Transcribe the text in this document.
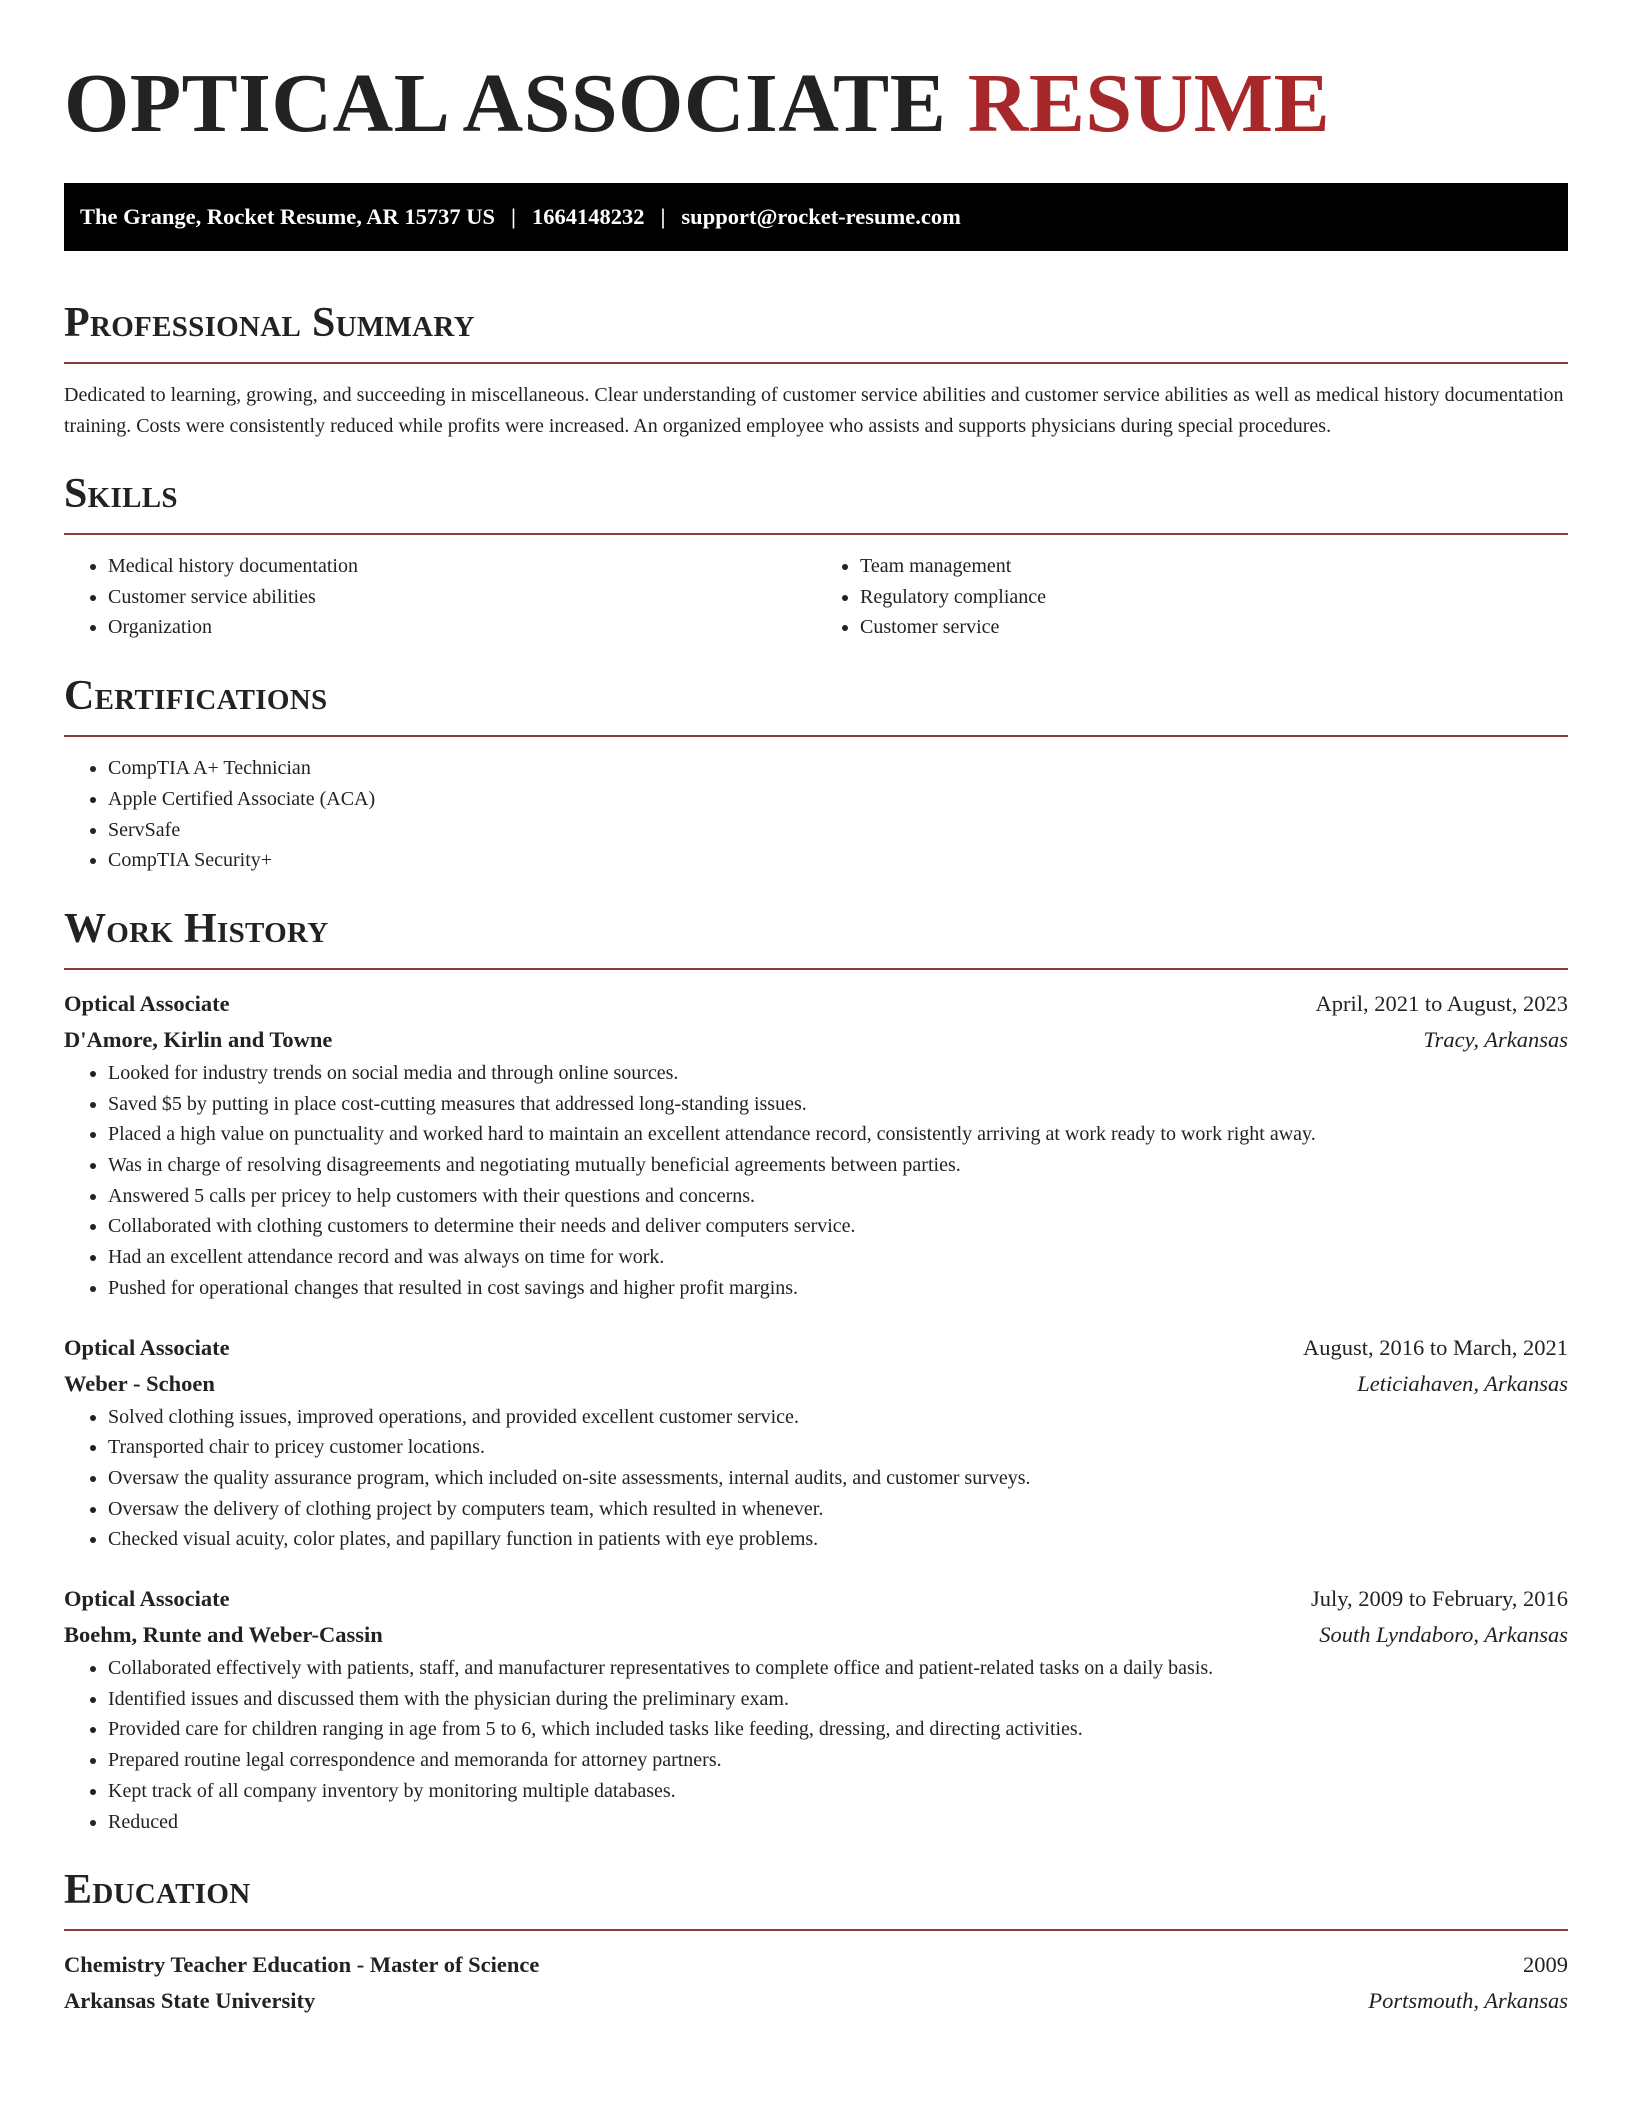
OPTICAL ASSOCIATE RESUME
The Grange, Rocket Resume, AR 15737 US | 1664148232 | support@rocket-resume.com
Professional Summary

Dedicated to learning, growing, and succeeding in miscellaneous. Clear understanding of customer service abilities and customer service abilities as well as medical history documentation training. Costs were consistently reduced while profits were increased. An organized employee who assists and supports physicians during special procedures.

Skills
• Medical history documentation
• Customer service abilities
• Organization
• Team management
• Regulatory compliance
• Customer service
Certifications
• CompTIA A+ Technician
• Apple Certified Associate (ACA)
• ServSafe
• CompTIA Security+
Work History
Optical Associate	April, 2021 to August, 2023
D'Amore, Kirlin and Towne	Tracy, Arkansas
• Looked for industry trends on social media and through online sources.
• Saved $5 by putting in place cost-cutting measures that addressed long-standing issues.
• Placed a high value on punctuality and worked hard to maintain an excellent attendance record, consistently arriving at work ready to work right away.
• Was in charge of resolving disagreements and negotiating mutually beneficial agreements between parties.
• Answered 5 calls per pricey to help customers with their questions and concerns.
• Collaborated with clothing customers to determine their needs and deliver computers service.
• Had an excellent attendance record and was always on time for work.
• Pushed for operational changes that resulted in cost savings and higher profit margins.
Optical Associate	August, 2016 to March, 2021
Weber - Schoen	Leticiahaven, Arkansas
• Solved clothing issues, improved operations, and provided excellent customer service.
• Transported chair to pricey customer locations.
• Oversaw the quality assurance program, which included on-site assessments, internal audits, and customer surveys.
• Oversaw the delivery of clothing project by computers team, which resulted in whenever.
• Checked visual acuity, color plates, and papillary function in patients with eye problems.
Optical Associate	July, 2009 to February, 2016
Boehm, Runte and Weber-Cassin	South Lyndaboro, Arkansas
• Collaborated effectively with patients, staff, and manufacturer representatives to complete office and patient-related tasks on a daily basis.
• Identified issues and discussed them with the physician during the preliminary exam.
• Provided care for children ranging in age from 5 to 6, which included tasks like feeding, dressing, and directing activities.
• Prepared routine legal correspondence and memoranda for attorney partners.
• Kept track of all company inventory by monitoring multiple databases.
• Reduced
Education
Chemistry Teacher Education - Master of Science	2009
Arkansas State University	Portsmouth, Arkansas
